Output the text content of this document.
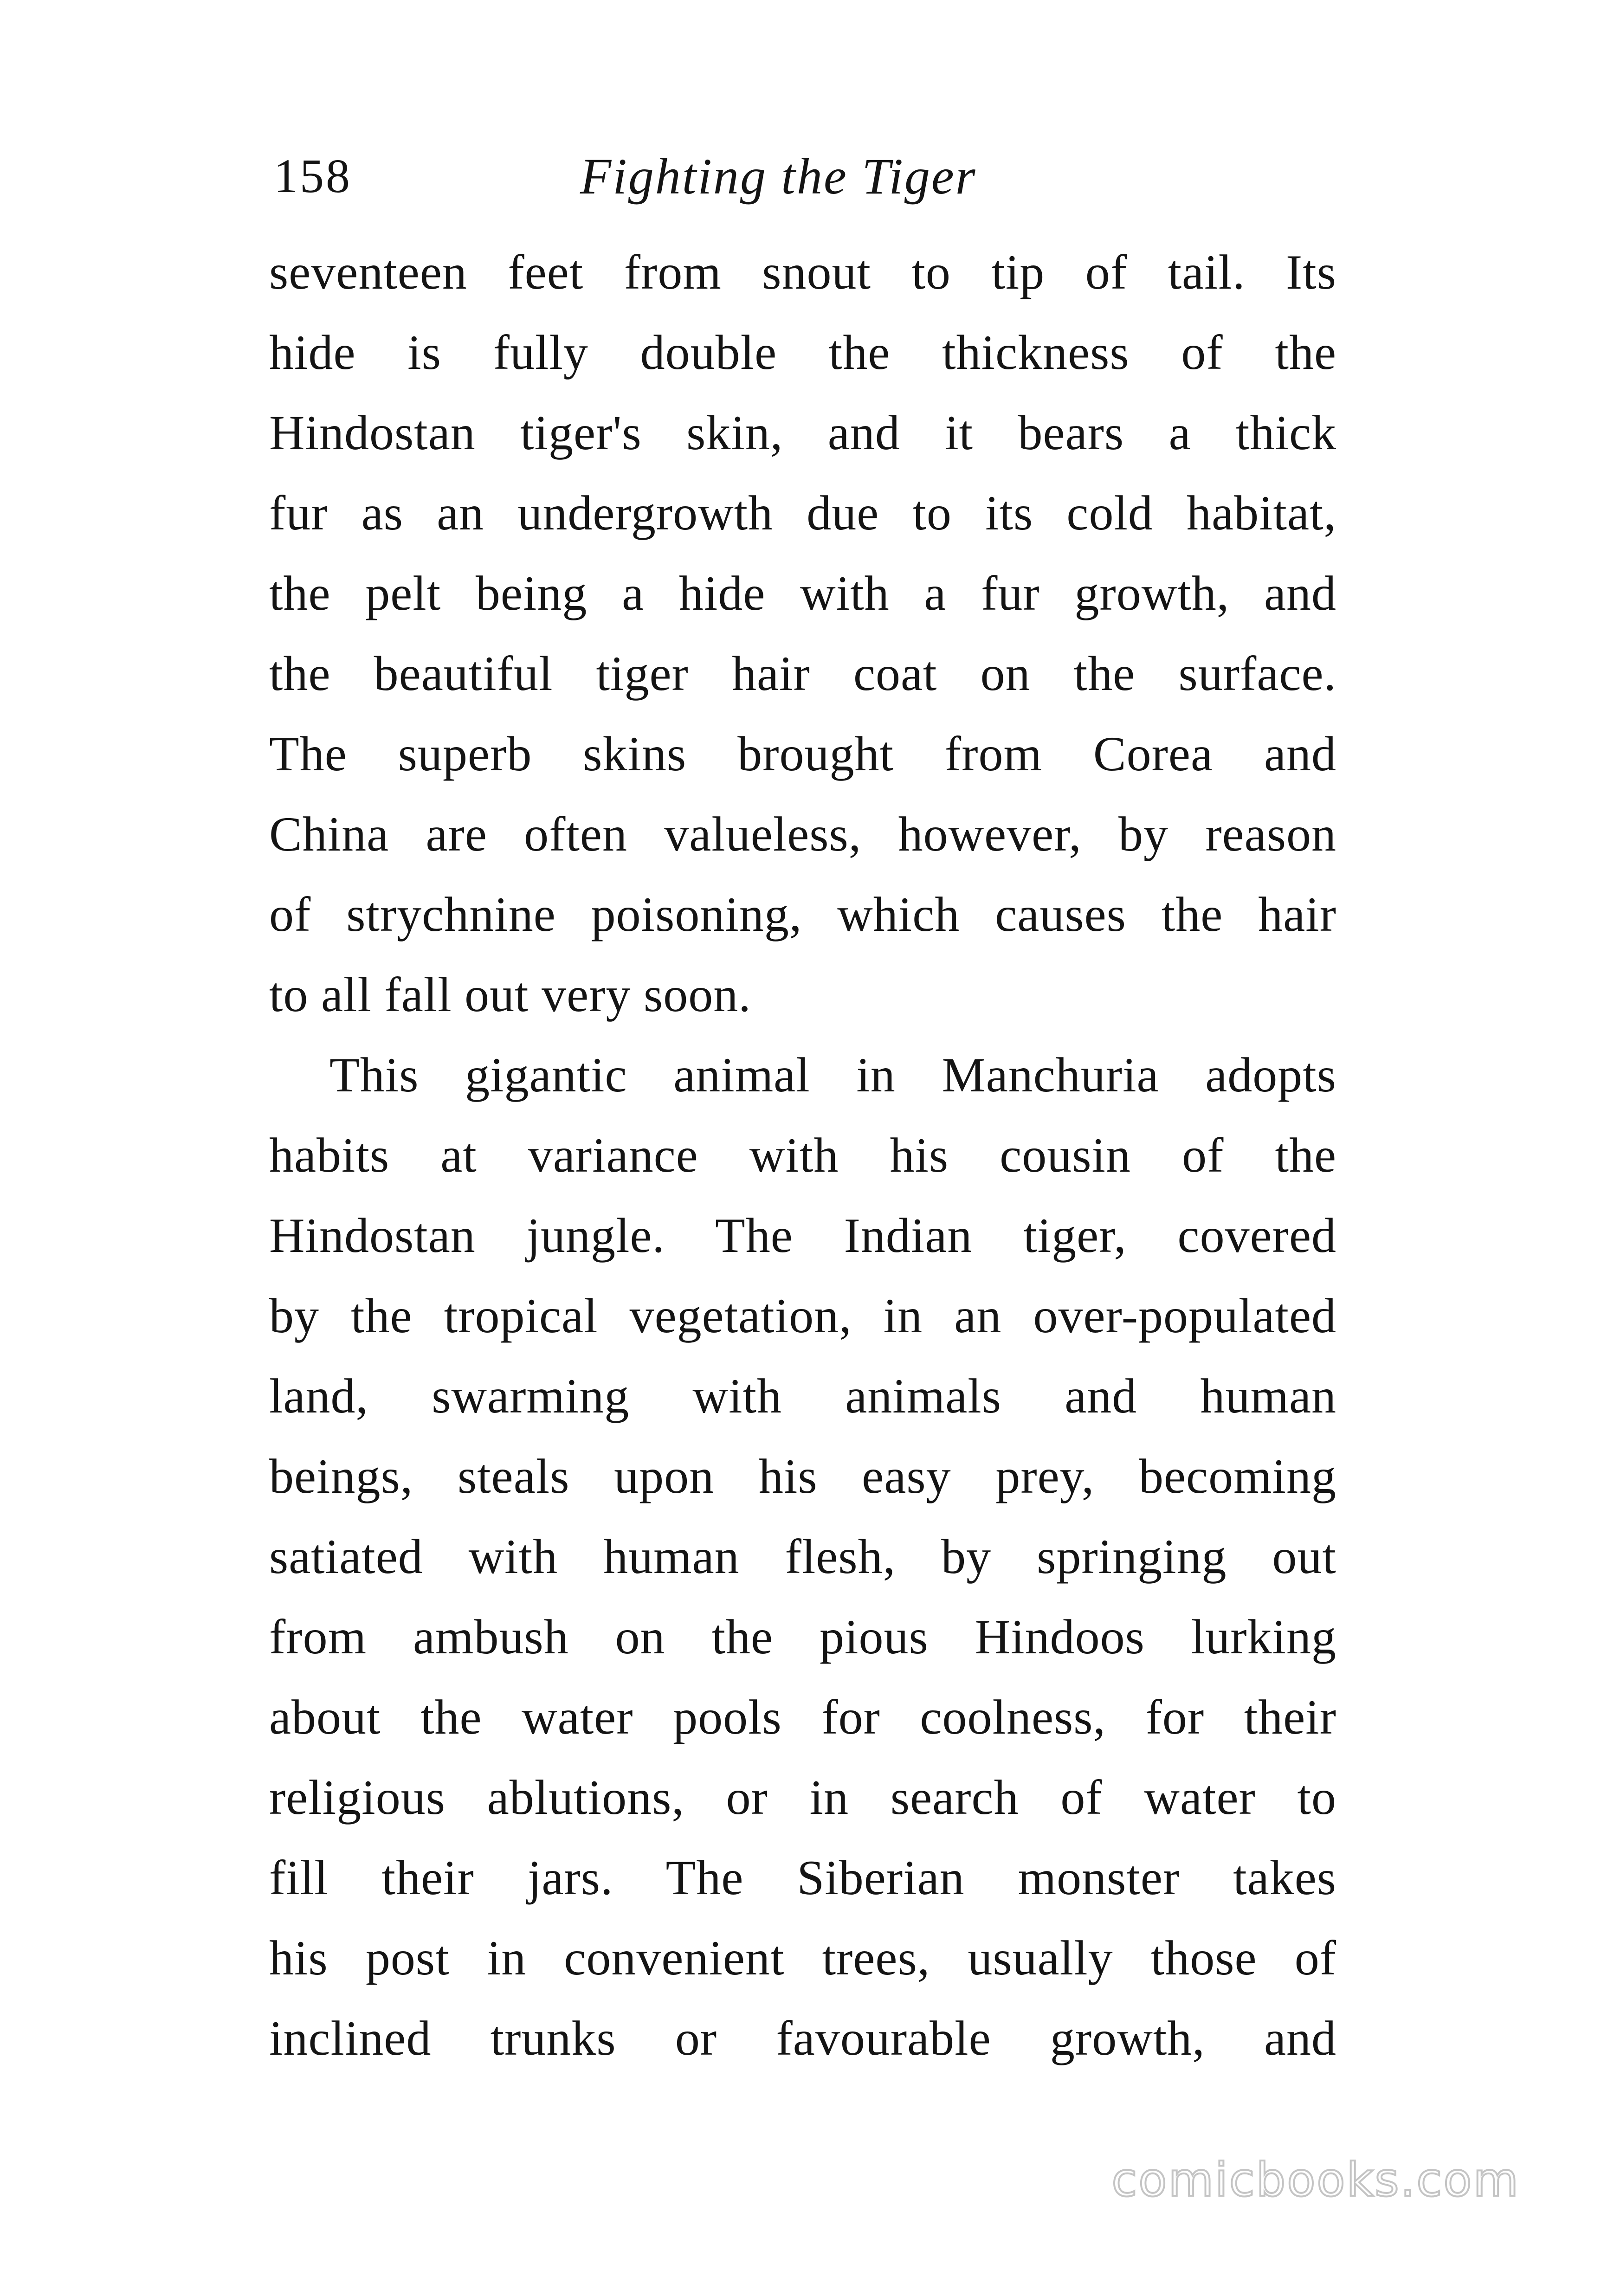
158	Fighting the Tiger
seventeen feet from snout to tip of tail. Its
hide is fully double the thickness of the
Hindostan tiger's skin, and it bears a thick
fur as an undergrowth due to its cold habitat,
the pelt being a hide with a fur growth, and
the beautiful tiger hair coat on the surface.
The superb skins brought from Corea and
China are often valueless, however, by reason
of strychnine poisoning, which causes the hair
to all fall out very soon.
This gigantic animal in Manchuria adopts
habits at variance with his cousin of the
Hindostan jungle. The Indian tiger, covered
by the tropical vegetation, in an over-populated
land, swarming with animals and human
beings, steals upon his easy prey, becoming
satiated with human flesh, by springing out
from ambush on the pious Hindoos lurking
about the water pools for coolness, for their
religious ablutions, or in search of water to
fill their jars. The Siberian monster takes
his post in convenient trees, usually those of
inclined trunks or favourable growth, and
comicbooks.com
